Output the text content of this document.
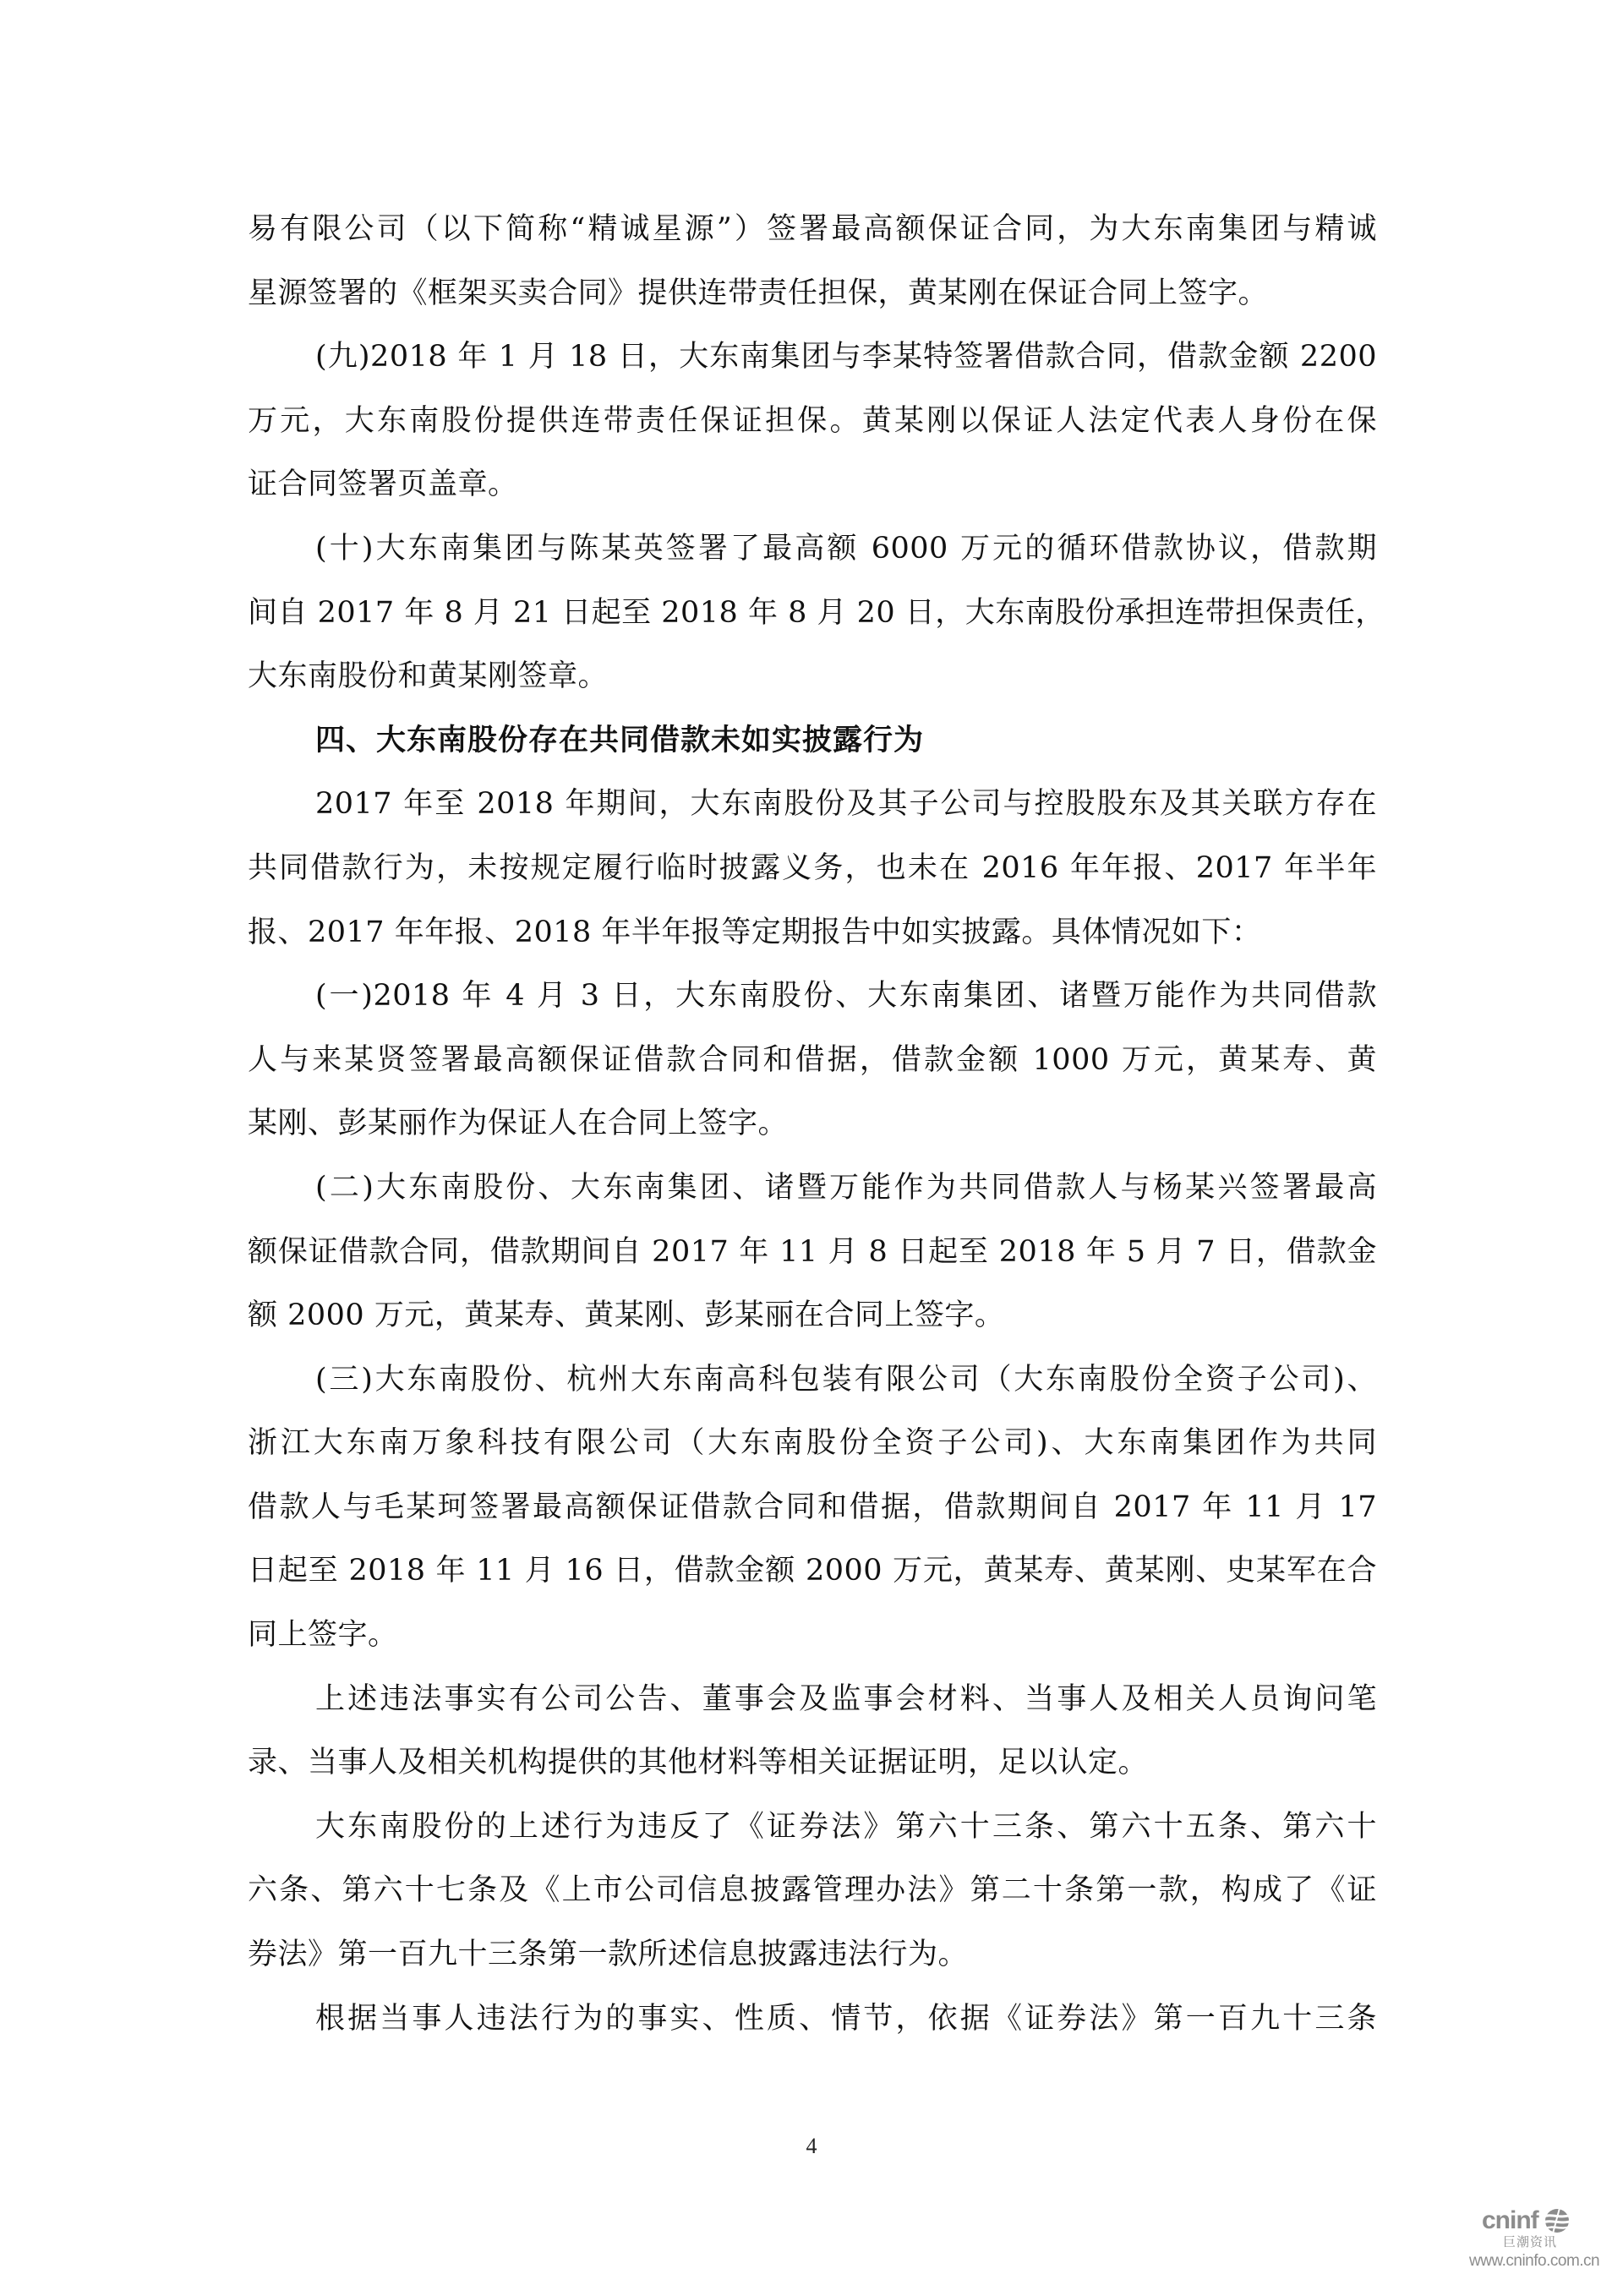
易有限公司（以下简称“精诚星源”）签署最高额保证合同，为大东南集团与精诚
星源签署的《框架买卖合同》提供连带责任担保，黄某刚在保证合同上签字。
(九)2018 年 1 月 18 日，大东南集团与李某特签署借款合同，借款金额 2200
万元，大东南股份提供连带责任保证担保。黄某刚以保证人法定代表人身份在保
证合同签署页盖章。
(十)大东南集团与陈某英签署了最高额 6000 万元的循环借款协议，借款期
间自 2017 年 8 月 21 日起至 2018 年 8 月 20 日，大东南股份承担连带担保责任，
大东南股份和黄某刚签章。
四、大东南股份存在共同借款未如实披露行为
2017 年至 2018 年期间，大东南股份及其子公司与控股股东及其关联方存在
共同借款行为，未按规定履行临时披露义务，也未在 2016 年年报、2017 年半年
报、2017 年年报、2018 年半年报等定期报告中如实披露。具体情况如下：
(一)2018 年 4 月 3 日，大东南股份、大东南集团、诸暨万能作为共同借款
人与来某贤签署最高额保证借款合同和借据，借款金额 1000 万元，黄某寿、黄
某刚、彭某丽作为保证人在合同上签字。
(二)大东南股份、大东南集团、诸暨万能作为共同借款人与杨某兴签署最高
额保证借款合同，借款期间自 2017 年 11 月 8 日起至 2018 年 5 月 7 日，借款金
额 2000 万元，黄某寿、黄某刚、彭某丽在合同上签字。
(三)大东南股份、杭州大东南高科包装有限公司（大东南股份全资子公司)、
浙江大东南万象科技有限公司（大东南股份全资子公司)、大东南集团作为共同
借款人与毛某珂签署最高额保证借款合同和借据，借款期间自 2017 年 11 月 17
日起至 2018 年 11 月 16 日，借款金额 2000 万元，黄某寿、黄某刚、史某军在合
同上签字。
上述违法事实有公司公告、董事会及监事会材料、当事人及相关人员询问笔
录、当事人及相关机构提供的其他材料等相关证据证明，足以认定。
大东南股份的上述行为违反了《证券法》第六十三条、第六十五条、第六十
六条、第六十七条及《上市公司信息披露管理办法》第二十条第一款，构成了《证
券法》第一百九十三条第一款所述信息披露违法行为。
根据当事人违法行为的事实、性质、情节，依据《证券法》第一百九十三条
4
cninf
巨潮资讯
www.cninfo.com.cn
